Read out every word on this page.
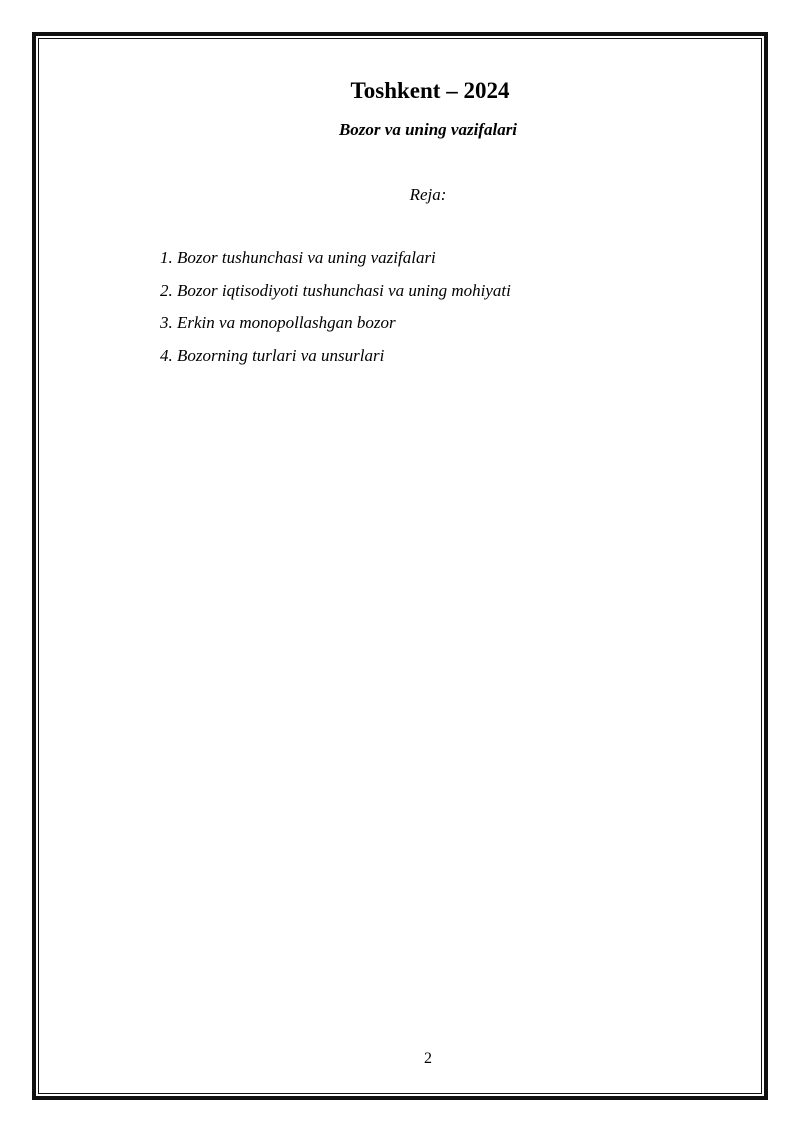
Toshkent – 2024
Bozor va uning vazifalari
Reja:
1. Bozor tushunchasi va uning vazifalari
2. Bozor iqtisodiyoti tushunchasi va uning mohiyati
3. Erkin va monopollashgan bozor
4. Bozorning turlari va unsurlari
2
